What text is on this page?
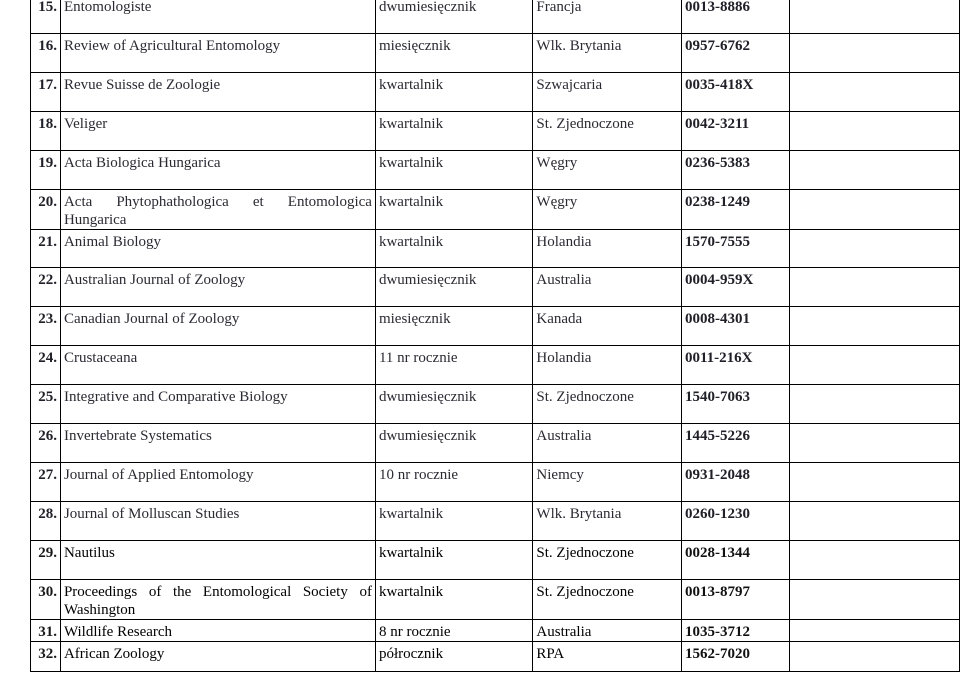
15.	Entomologiste	dwumiesięcznik	Francja	0013-8886	
16.	Review of Agricultural Entomology	miesięcznik	Wlk. Brytania	0957-6762	
17.	Revue Suisse de Zoologie	kwartalnik	Szwajcaria	0035-418X	
18.	Veliger	kwartalnik	St. Zjednoczone	0042-3211	
19.	Acta Biologica Hungarica	kwartalnik	Węgry	0236-5383	
20.	Acta Phytophathologica et Entomologica
Hungarica	kwartalnik	Węgry	0238-1249	
21.	Animal Biology	kwartalnik	Holandia	1570-7555	
22.	Australian Journal of Zoology	dwumiesięcznik	Australia	0004-959X	
23.	Canadian Journal of Zoology	miesięcznik	Kanada	0008-4301	
24.	Crustaceana	11 nr rocznie	Holandia	0011-216X	
25.	Integrative and Comparative Biology	dwumiesięcznik	St. Zjednoczone	1540-7063	
26.	Invertebrate Systematics	dwumiesięcznik	Australia	1445-5226	
27.	Journal of Applied Entomology	10 nr rocznie	Niemcy	0931-2048	
28.	Journal of Molluscan Studies	kwartalnik	Wlk. Brytania	0260-1230	
29.	Nautilus	kwartalnik	St. Zjednoczone	0028-1344	
30.	Proceedings of the Entomological Society of
Washington	kwartalnik	St. Zjednoczone	0013-8797	
31.	Wildlife Research	8 nr rocznie	Australia	1035-3712	
32.	African Zoology	półrocznik	RPA	1562-7020	
